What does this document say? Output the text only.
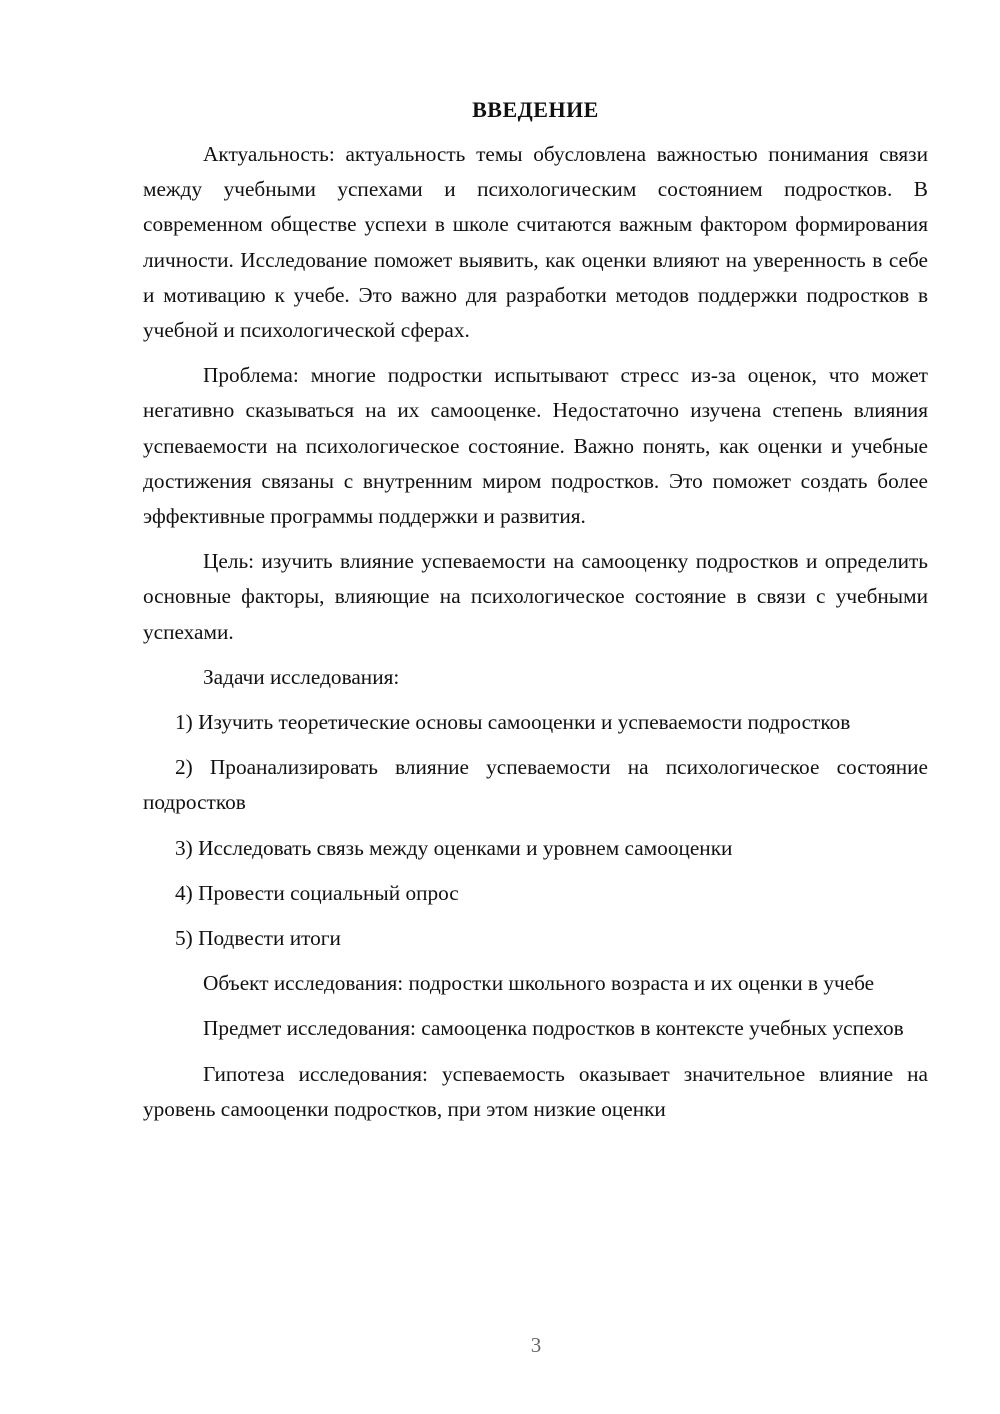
ВВЕДЕНИЕ

Актуальность: актуальность темы обусловлена важностью понимания связи между учебными успехами и психологическим состоянием подростков. В современном обществе успехи в школе считаются важным фактором формирования личности. Исследование поможет выявить, как оценки влияют на уверенность в себе и мотивацию к учебе. Это важно для разработки методов поддержки подростков в учебной и психологической сферах.

Проблема: многие подростки испытывают стресс из-за оценок, что может негативно сказываться на их самооценке. Недостаточно изучена степень влияния успеваемости на психологическое состояние. Важно понять, как оценки и учебные достижения связаны с внутренним миром подростков. Это поможет создать более эффективные программы поддержки и развития.

Цель: изучить влияние успеваемости на самооценку подростков и определить основные факторы, влияющие на психологическое состояние в связи с учебными успехами.

Задачи исследования:

1) Изучить теоретические основы самооценки и успеваемости подростков

2) Проанализировать влияние успеваемости на психологическое состояние подростков

3) Исследовать связь между оценками и уровнем самооценки

4) Провести социальный опрос

5) Подвести итоги

Объект исследования: подростки школьного возраста и их оценки в учебе

Предмет исследования: самооценка подростков в контексте учебных успехов

Гипотеза исследования: успеваемость оказывает значительное влияние на уровень самооценки подростков, при этом низкие оценки

3
